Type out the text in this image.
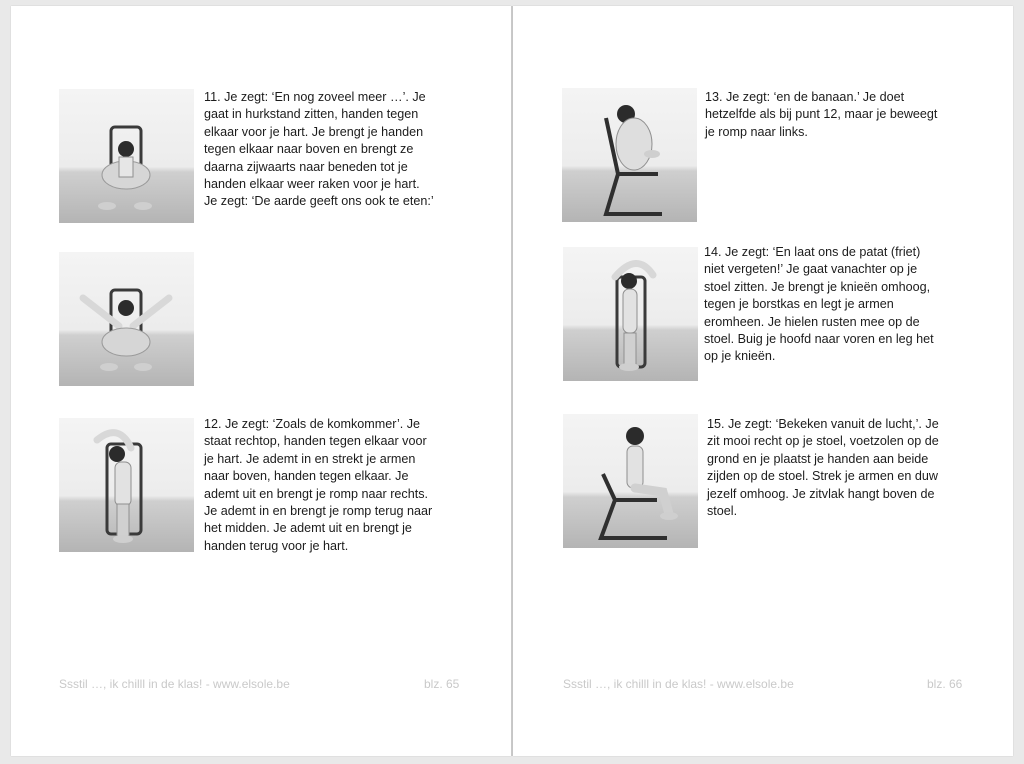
11. Je zegt: ‘En nog zoveel meer …’. Je
gaat in hurkstand zitten, handen tegen
elkaar voor je hart. Je brengt je handen
tegen elkaar naar boven en brengt ze
daarna zijwaarts naar beneden tot je
handen elkaar weer raken voor je hart.
Je zegt: ‘De aarde geeft ons ook te eten:’
12. Je zegt: ‘Zoals de komkommer’. Je
staat rechtop, handen tegen elkaar voor
je hart. Je ademt in en strekt je armen
naar boven, handen tegen elkaar. Je
ademt uit en brengt je romp naar rechts.
Je ademt in en brengt je romp terug naar
het midden. Je ademt uit en brengt je
handen terug voor je hart.
Ssstil …, ik chilll in de klas! - www.elsole.be	blz. 65
13. Je zegt: ‘en de banaan.’ Je doet
hetzelfde als bij punt 12, maar je beweegt
je romp naar links.
14. Je zegt: ‘En laat ons de patat (friet)
niet vergeten!’ Je gaat vanachter op je
stoel zitten. Je brengt je knieën omhoog,
tegen je borstkas en legt je armen
eromheen. Je hielen rusten mee op de
stoel. Buig je hoofd naar voren en leg het
op je knieën.
15. Je zegt: ‘Bekeken vanuit de lucht,’. Je
zit mooi recht op je stoel, voetzolen op de
grond en je plaatst je handen aan beide
zijden op de stoel. Strek je armen en duw
jezelf omhoog. Je zitvlak hangt boven de
stoel.
Ssstil …, ik chilll in de klas! - www.elsole.be	blz. 66
